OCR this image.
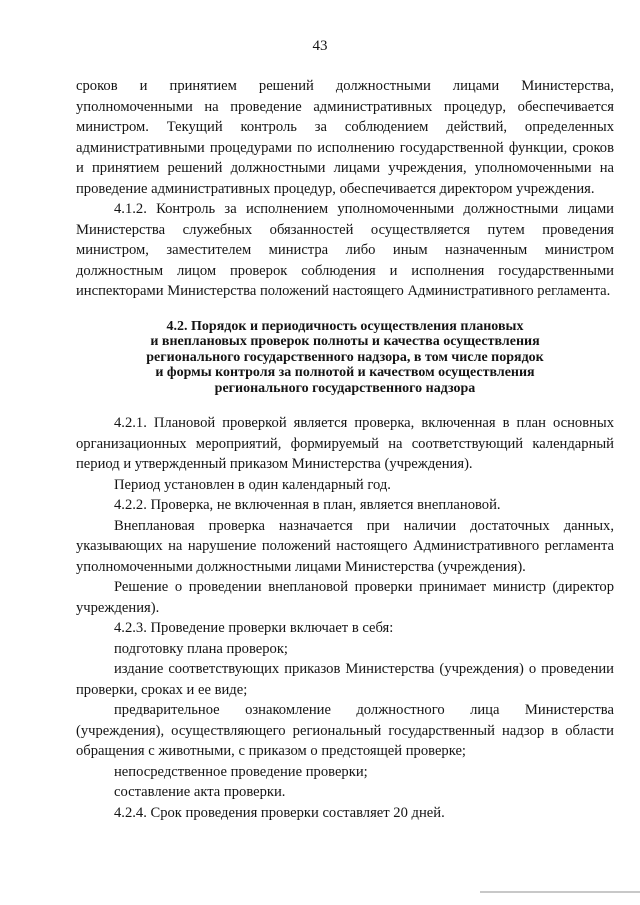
43

сроков и принятием решений должностными лицами Министерства, уполномоченными на проведение административных процедур, обеспечивается министром. Текущий контроль за соблюдением действий, определенных административными процедурами по исполнению государственной функции, сроков и принятием решений должностными лицами учреждения, уполномоченными на проведение административных процедур, обеспечивается директором учреждения.

4.1.2. Контроль за исполнением уполномоченными должностными лицами Министерства служебных обязанностей осуществляется путем проведения министром, заместителем министра либо иным назначенным министром должностным лицом проверок соблюдения и исполнения государственными инспекторами Министерства положений настоящего Административного регламента.

4.2. Порядок и периодичность осуществления плановых
и внеплановых проверок полноты и качества осуществления
регионального государственного надзора, в том числе порядок
и формы контроля за полнотой и качеством осуществления
регионального государственного надзора

4.2.1. Плановой проверкой является проверка, включенная в план основных организационных мероприятий, формируемый на соответствующий календарный период и утвержденный приказом Министерства (учреждения).

Период установлен в один календарный год.

4.2.2. Проверка, не включенная в план, является внеплановой.

Внеплановая проверка назначается при наличии достаточных данных, указывающих на нарушение положений настоящего Административного регламента уполномоченными должностными лицами Министерства (учреждения).

Решение о проведении внеплановой проверки принимает министр (директор учреждения).

4.2.3. Проведение проверки включает в себя:

подготовку плана проверок;

издание соответствующих приказов Министерства (учреждения) о проведении проверки, сроках и ее виде;

предварительное ознакомление должностного лица Министерства (учреждения), осуществляющего региональный государственный надзор в области обращения с животными, с приказом о предстоящей проверке;

непосредственное проведение проверки;

составление акта проверки.

4.2.4. Срок проведения проверки составляет 20 дней.
